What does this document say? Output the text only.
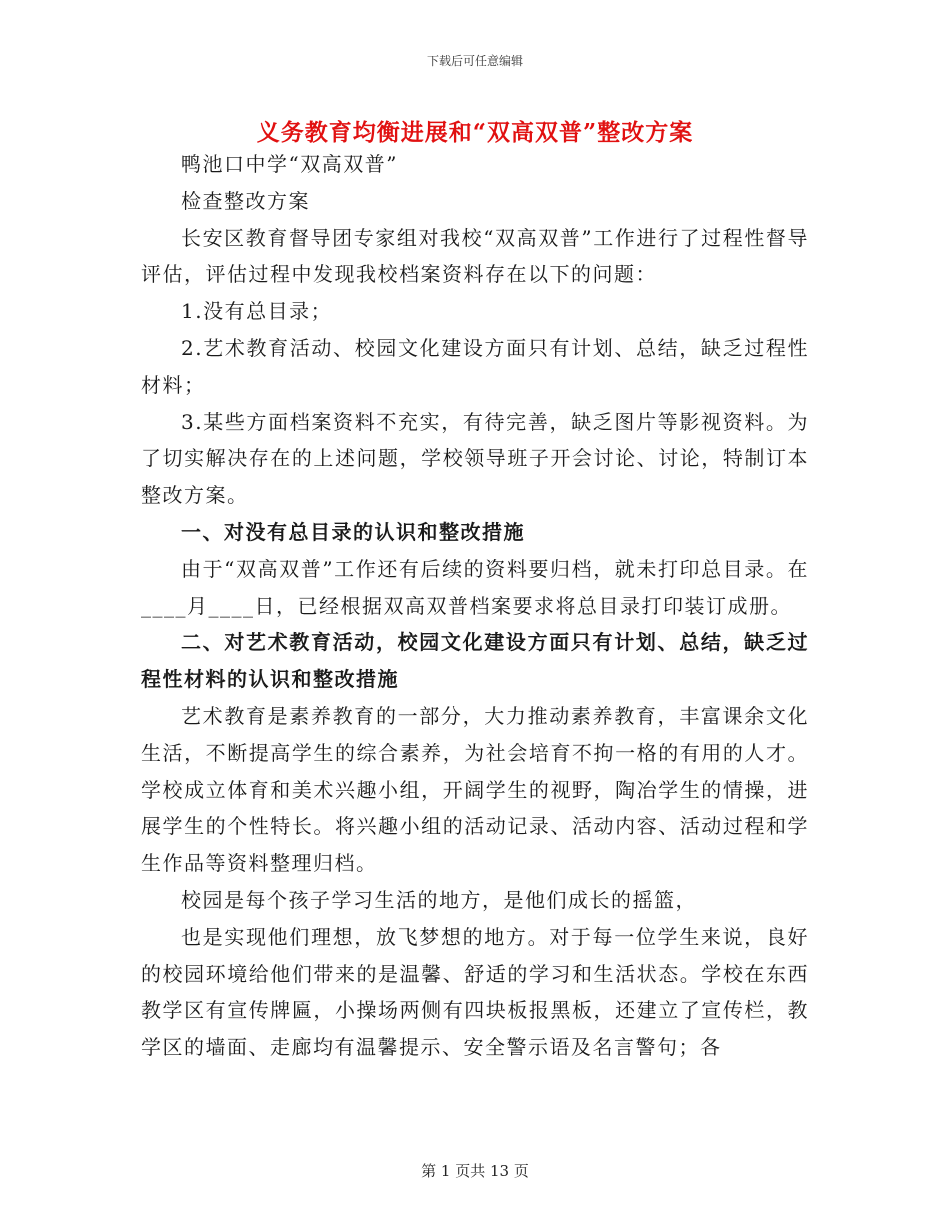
下载后可任意编辑
义务教育均衡进展和“双高双普”整改方案

鸭池口中学“双高双普”

检查整改方案

长安区教育督导团专家组对我校“双高双普”工作进行了过程性督导评估，评估过程中发现我校档案资料存在以下的问题：

1.没有总目录；

2.艺术教育活动、校园文化建设方面只有计划、总结，缺乏过程性材料；

3.某些方面档案资料不充实，有待完善，缺乏图片等影视资料。为了切实解决存在的上述问题，学校领导班子开会讨论、讨论，特制订本整改方案。

一、对没有总目录的认识和整改措施

由于“双高双普”工作还有后续的资料要归档，就未打印总目录。在____月____日，已经根据双高双普档案要求将总目录打印装订成册。

二、对艺术教育活动，校园文化建设方面只有计划、总结，缺乏过程性材料的认识和整改措施

艺术教育是素养教育的一部分，大力推动素养教育，丰富课余文化生活，不断提高学生的综合素养，为社会培育不拘一格的有用的人才。学校成立体育和美术兴趣小组，开阔学生的视野，陶冶学生的情操，进展学生的个性特长。将兴趣小组的活动记录、活动内容、活动过程和学生作品等资料整理归档。

校园是每个孩子学习生活的地方，是他们成长的摇篮，

也是实现他们理想，放飞梦想的地方。对于每一位学生来说，良好的校园环境给他们带来的是温馨、舒适的学习和生活状态。学校在东西教学区有宣传牌匾，小操场两侧有四块板报黑板，还建立了宣传栏，教学区的墙面、走廊均有温馨提示、安全警示语及名言警句；各

第 1 页共 13 页
